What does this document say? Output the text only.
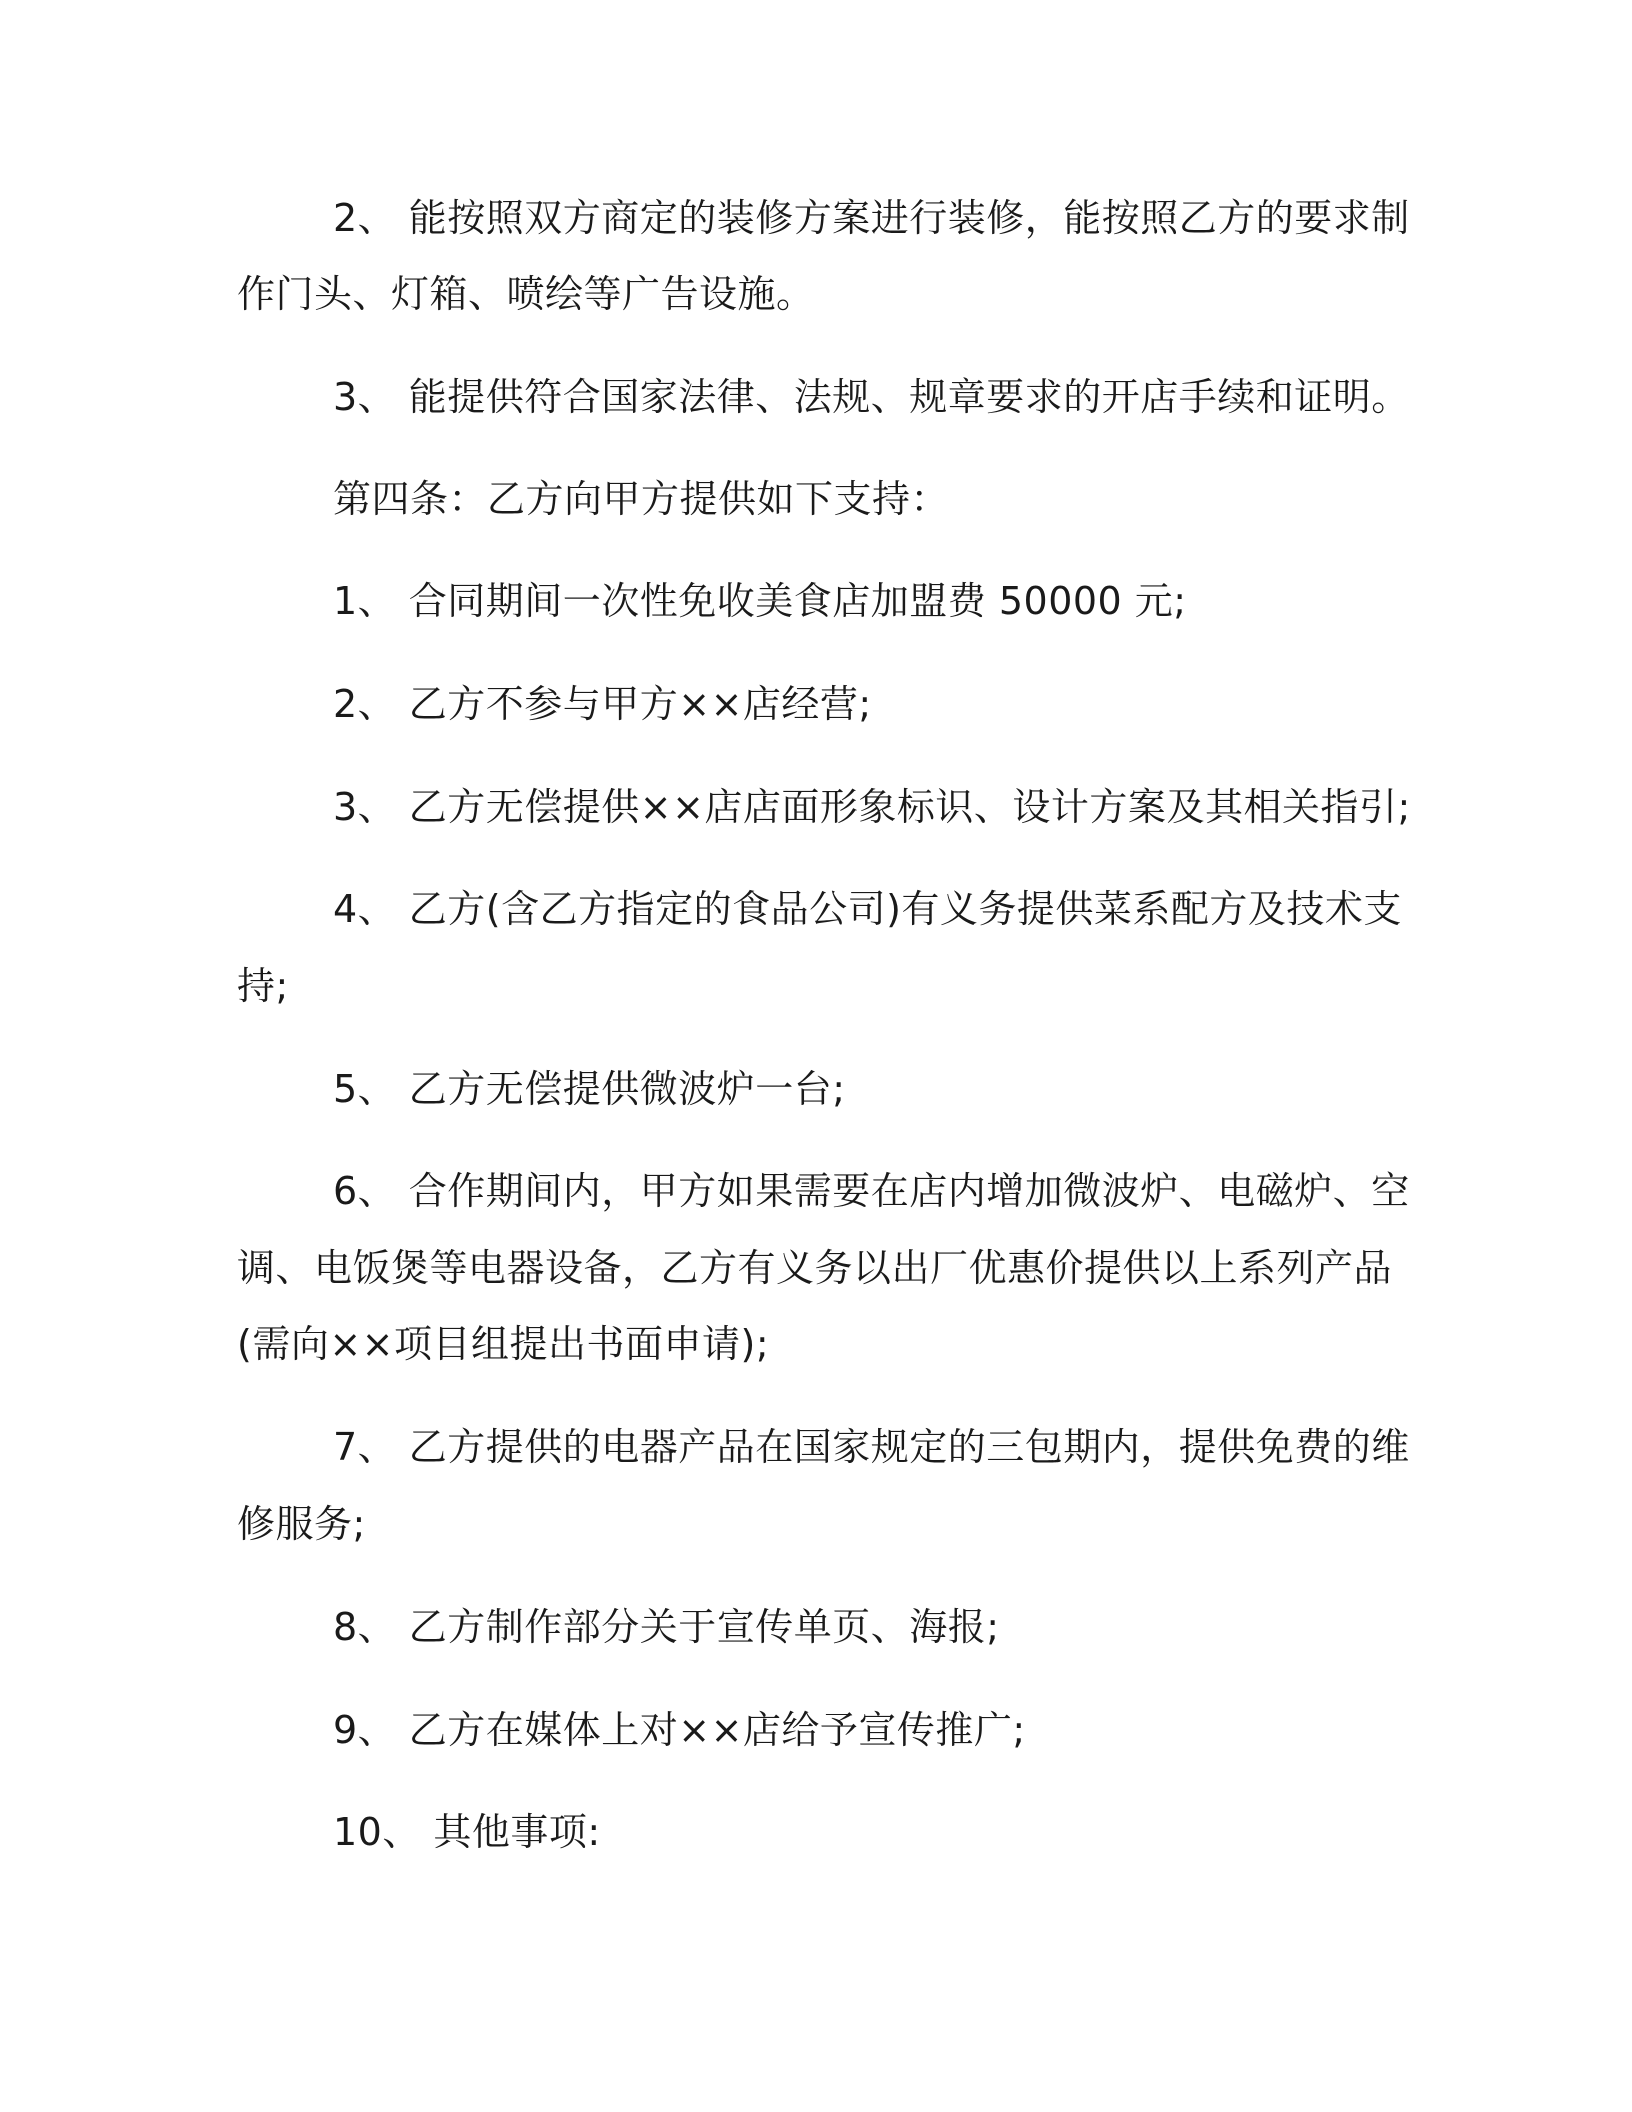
2、 能按照双方商定的装修方案进行装修，能按照乙方的要求制
作门头、灯箱、喷绘等广告设施。
3、 能提供符合国家法律、法规、规章要求的开店手续和证明。
第四条：乙方向甲方提供如下支持：
1、 合同期间一次性免收美食店加盟费 50000 元;
2、 乙方不参与甲方××店经营;
3、 乙方无偿提供××店店面形象标识、设计方案及其相关指引;
4、 乙方(含乙方指定的食品公司)有义务提供菜系配方及技术支
持;
5、 乙方无偿提供微波炉一台;
6、 合作期间内，甲方如果需要在店内增加微波炉、电磁炉、空
调、电饭煲等电器设备，乙方有义务以出厂优惠价提供以上系列产品
(需向××项目组提出书面申请);
7、 乙方提供的电器产品在国家规定的三包期内，提供免费的维
修服务;
8、 乙方制作部分关于宣传单页、海报;
9、 乙方在媒体上对××店给予宣传推广;
10、 其他事项:
